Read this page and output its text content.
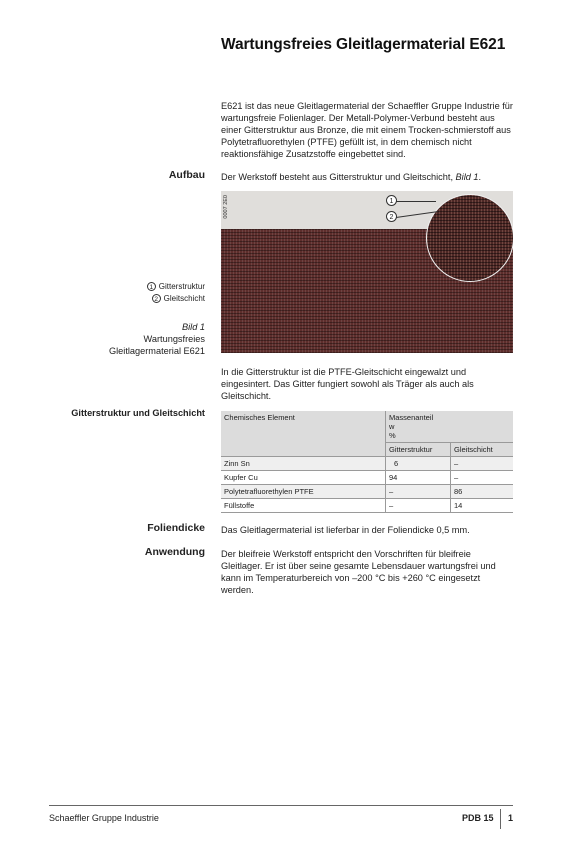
Wartungsfreies Gleitlagermaterial E621
E621 ist das neue Gleitlagermaterial der Schaeffler Gruppe Industrie für wartungsfreie Folienlager. Der Metall-Polymer-Verbund besteht aus einer Gitterstruktur aus Bronze, die mit einem Trocken-schmierstoff aus Polytetrafluorethylen (PTFE) gefüllt ist, in dem chemisch nicht reaktionsfähige Zusatzstoffe eingebettet sind.
Aufbau Der Werkstoff besteht aus Gitterstruktur und Gleitschicht, Bild 1.
0007 2E0	1
2
1 Gitterstruktur
2 Gleitschicht
Bild 1
Wartungsfreies
Gleitlagermaterial E621
In die Gitterstruktur ist die PTFE-Gleitschicht eingewalzt und eingesintert. Das Gitter fungiert sowohl als Träger als auch als Gleitschicht.
Gitterstruktur und Gleitschicht	Chemisches Element	Massenanteil
w
%	

	Gitterstruktur	Gleitschicht
Zinn Sn	6	–
Kupfer Cu	94	–
Polytetrafluorethylen PTFE	–	86
Füllstoffe	–	14
Foliendicke Das Gleitlagermaterial ist lieferbar in der Foliendicke 0,5 mm.
Anwendung Der bleifreie Werkstoff entspricht den Vorschriften für bleifreie Gleitlager. Er ist über seine gesamte Lebensdauer wartungsfrei und kann im Temperaturbereich von –200 °C bis +260 °C eingesetzt werden.
Schaeffler Gruppe Industrie	PDB 15 1
